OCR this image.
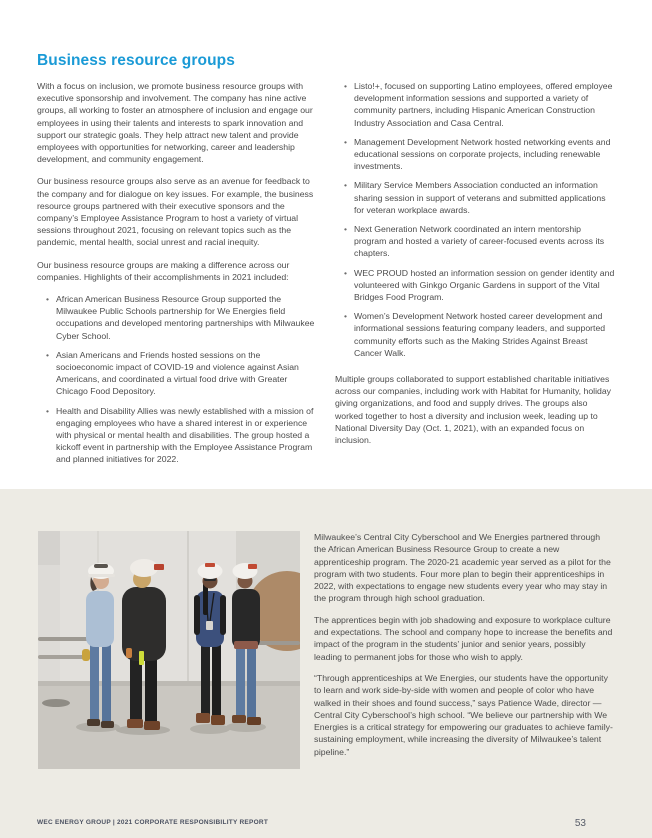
Business resource groups

With a focus on inclusion, we promote business resource groups with executive sponsorship and involvement. The company has nine active groups, all working to foster an atmosphere of inclusion and engage our employees in using their talents and interests to spark innovation and support our strategic goals. They help attract new talent and provide employees with opportunities for networking, career and leadership development, and community engagement.

Our business resource groups also serve as an avenue for feedback to the company and for dialogue on key issues. For example, the business resource groups partnered with their executive sponsors and the company’s Employee Assistance Program to host a variety of virtual sessions throughout 2021, focusing on relevant topics such as the pandemic, mental health, social unrest and racial inequity.

Our business resource groups are making a difference across our companies. Highlights of their accomplishments in 2021 included:

• African American Business Resource Group supported the Milwaukee Public Schools partnership for We Energies field occupations and developed mentoring partnerships with Milwaukee Cyber School.
• Asian Americans and Friends hosted sessions on the socioeconomic impact of COVID-19 and violence against Asian Americans, and coordinated a virtual food drive with Greater Chicago Food Depository.
• Health and Disability Allies was newly established with a mission of engaging employees who have a shared interest in or experience with physical or mental health and disabilities. The group hosted a kickoff event in partnership with the Employee Assistance Program and planned initiatives for 2022.
• Listo!+, focused on supporting Latino employees, offered employee development information sessions and supported a variety of community partners, including Hispanic American Construction Industry Association and Casa Central.
• Management Development Network hosted networking events and educational sessions on corporate projects, including renewable investments.
• Military Service Members Association conducted an information sharing session in support of veterans and submitted applications for veteran workplace awards.
• Next Generation Network coordinated an intern mentorship program and hosted a variety of career-focused events across its chapters.
• WEC PROUD hosted an information session on gender identity and volunteered with Ginkgo Organic Gardens in support of the Vital Bridges Food Program.
• Women’s Development Network hosted career development and informational sessions featuring company leaders, and supported community efforts such as the Making Strides Against Breast Cancer Walk.

Multiple groups collaborated to support established charitable initiatives across our companies, including work with Habitat for Humanity, holiday giving organizations, and food and supply drives. The groups also worked together to host a diversity and inclusion week, leading up to National Diversity Day (Oct. 1, 2021), with an expanded focus on inclusion.

Milwaukee’s Central City Cyberschool and We Energies partnered through the African American Business Resource Group to create a new apprenticeship program. The 2020-21 academic year served as a pilot for the program with two students. Four more plan to begin their apprenticeships in 2022, with expectations to engage new students every year who may stay in the program through high school graduation.

The apprentices begin with job shadowing and exposure to workplace culture and expectations. The school and company hope to increase the benefits and impact of the program in the students’ junior and senior years, possibly leading to permanent jobs for those who wish to apply.

“Through apprenticeships at We Energies, our students have the opportunity to learn and work side-by-side with women and people of color who have walked in their shoes and found success,” says Patience Wade, director — Central City Cyberschool’s high school. “We believe our partnership with We Energies is a critical strategy for empowering our graduates to achieve family-sustaining employment, while increasing the diversity of Milwaukee’s talent pipeline.”

WEC ENERGY GROUP | 2021 CORPORATE RESPONSIBILITY REPORT	53
